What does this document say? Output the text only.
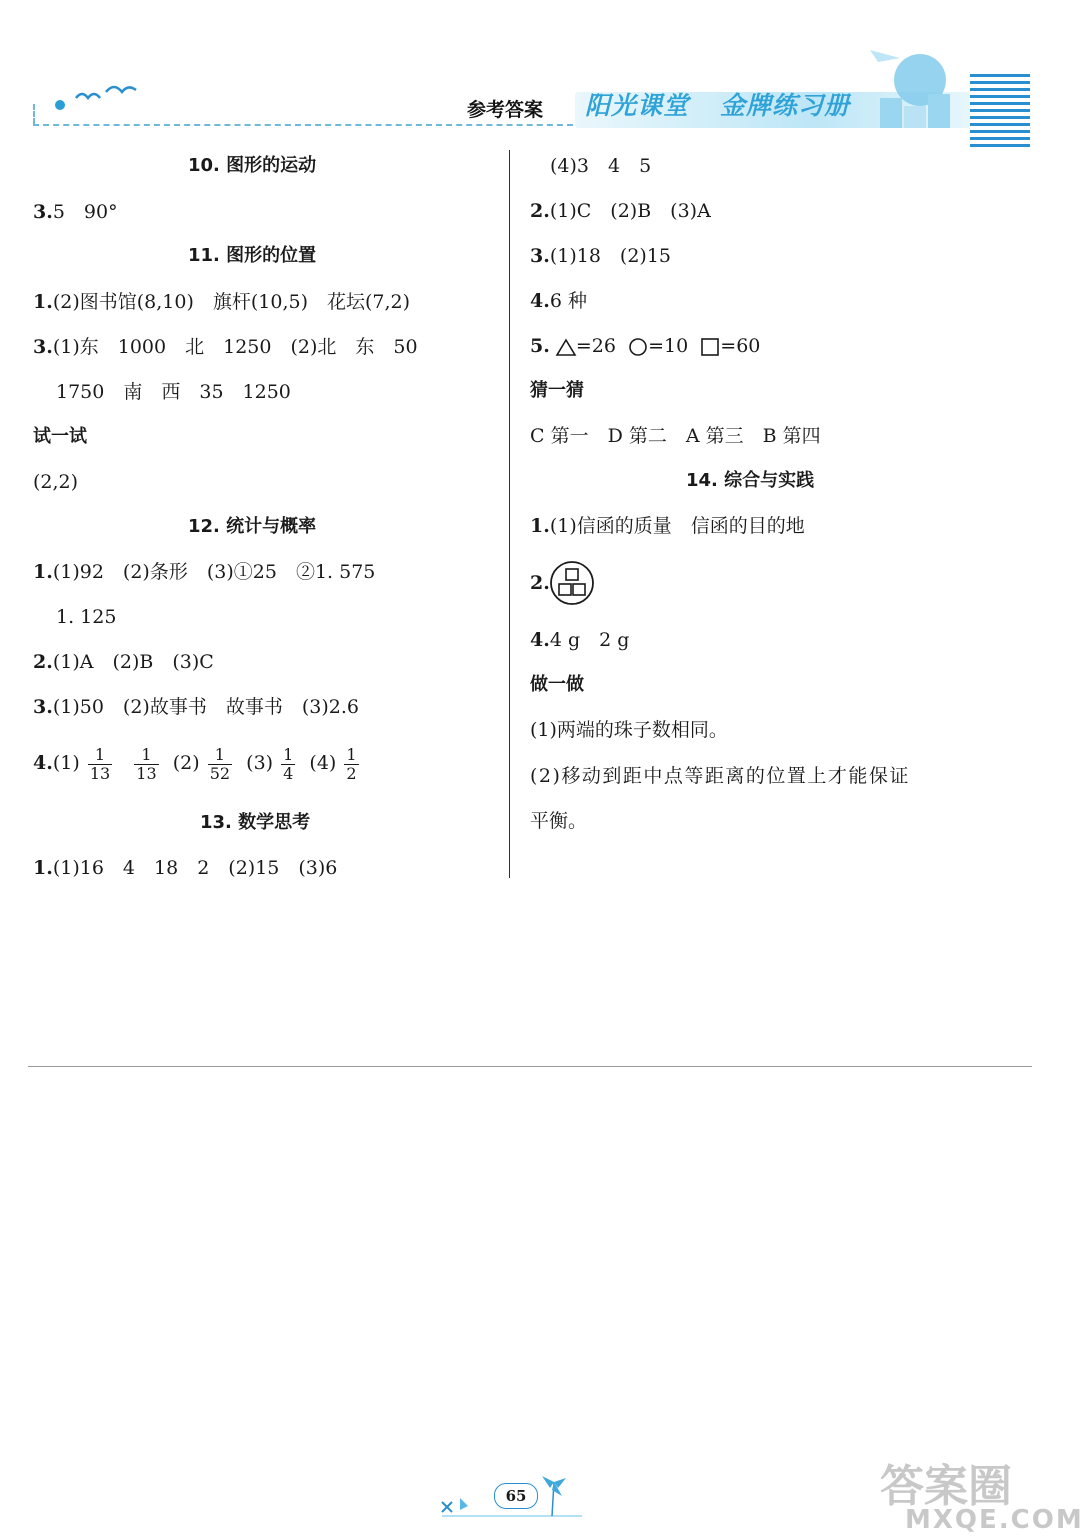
参考答案 阳光课堂 金牌练习册
10. 图形的运动
3.5　90°
11. 图形的位置
1.(2)图书馆(8,10)　旗杆(10,5)　花坛(7,2)
3.(1)东　1000　北　1250　(2)北　东　50
1750　南　西　35　1250
试一试
(2,2)
12. 统计与概率
1.(1)92　(2)条形　(3)①25　②1. 575
1. 125
2.(1)A　(2)B　(3)C
3.(1)50　(2)故事书　故事书　(3)2.6
$4.(1) \frac{1}{13}$
$\frac{1}{13} (2) \frac{1}{52} (3) \frac{1}{4} (4) \frac{1}{2}$
13. 数学思考
1.(1)16　4　18　2　(2)15　(3)6
(4)3　4　5
2.(1)C　(2)B　(3)A
3.(1)18　(2)15
4.6 种
5. =26 =10 =60
猜一猜
C 第一　D 第二　A 第三　B 第四
14. 综合与实践
1.(1)信函的质量　信函的目的地
2.
4.4 g　2 g
做一做
(1)两端的珠子数相同。
(2)移动到距中点等距离的位置上才能保证
平衡。
65	答案圈
MXQE.COM
